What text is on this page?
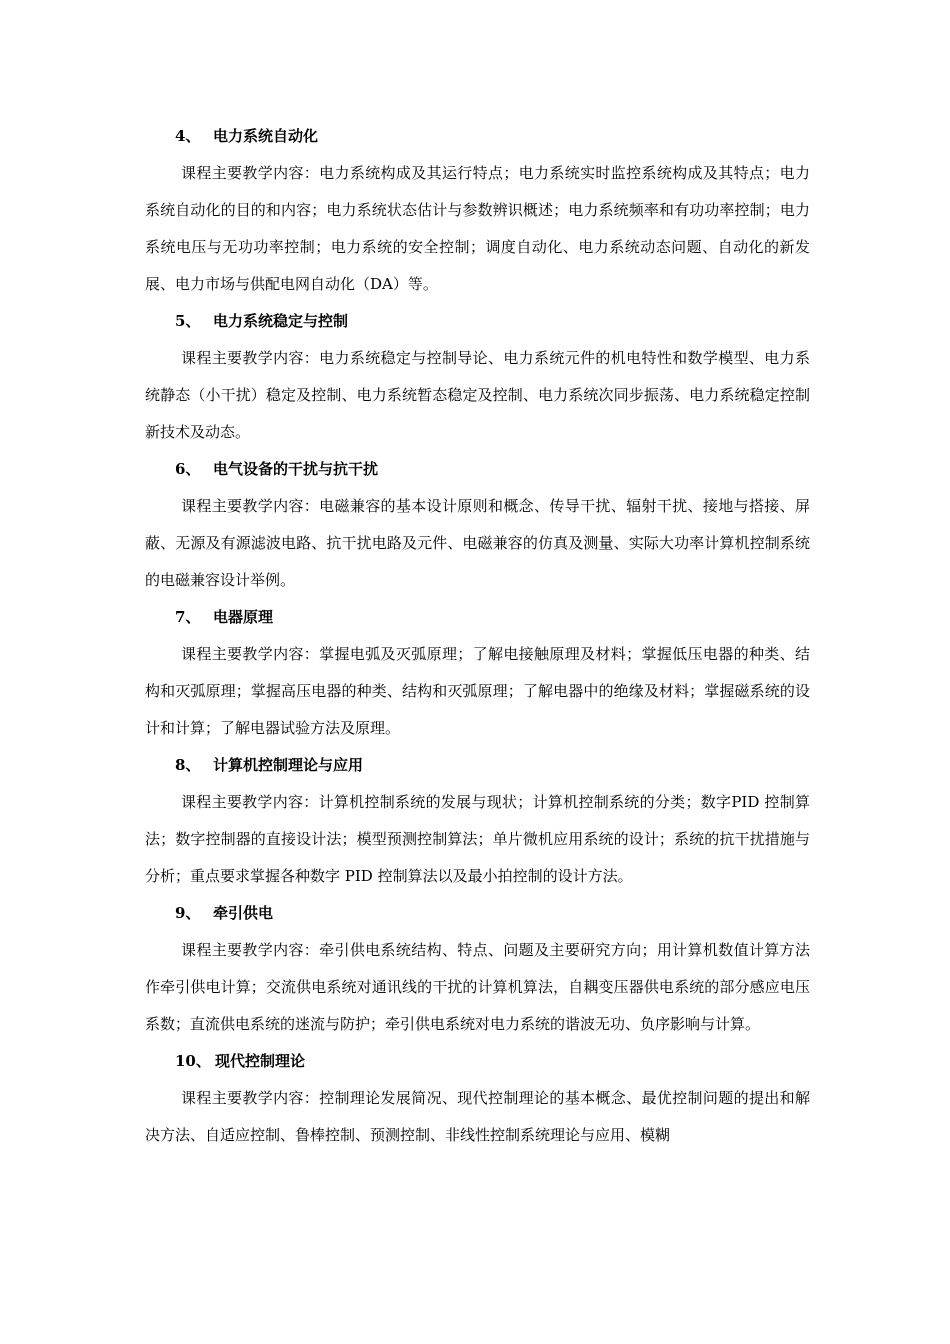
4、 电力系统自动化
课程主要教学内容：电力系统构成及其运行特点；电力系统实时监控系统构成及其特点；电力系统自动化的目的和内容；电力系统状态估计与参数辨识概述；电力系统频率和有功功率控制；电力系统电压与无功功率控制；电力系统的安全控制；调度自动化、电力系统动态问题、自动化的新发展、电力市场与供配电网自动化（DA）等。
5、 电力系统稳定与控制
课程主要教学内容：电力系统稳定与控制导论、电力系统元件的机电特性和数学模型、电力系统静态（小干扰）稳定及控制、电力系统暂态稳定及控制、电力系统次同步振荡、电力系统稳定控制新技术及动态。
6、 电气设备的干扰与抗干扰
课程主要教学内容：电磁兼容的基本设计原则和概念、传导干扰、辐射干扰、接地与搭接、屏蔽、无源及有源滤波电路、抗干扰电路及元件、电磁兼容的仿真及测量、实际大功率计算机控制系统的电磁兼容设计举例。
7、 电器原理
课程主要教学内容：掌握电弧及灭弧原理；了解电接触原理及材料；掌握低压电器的种类、结构和灭弧原理；掌握高压电器的种类、结构和灭弧原理；了解电器中的绝缘及材料；掌握磁系统的设计和计算；了解电器试验方法及原理。
8、 计算机控制理论与应用
课程主要教学内容：计算机控制系统的发展与现状；计算机控制系统的分类；数字PID 控制算法；数字控制器的直接设计法；模型预测控制算法；单片微机应用系统的设计；系统的抗干扰措施与分析；重点要求掌握各种数字 PID 控制算法以及最小拍控制的设计方法。
9、 牵引供电
课程主要教学内容：牵引供电系统结构、特点、问题及主要研究方向；用计算机数值计算方法作牵引供电计算；交流供电系统对通讯线的干扰的计算机算法，自耦变压器供电系统的部分感应电压系数；直流供电系统的迷流与防护；牵引供电系统对电力系统的谐波无功、负序影响与计算。
10、 现代控制理论
课程主要教学内容：控制理论发展简况、现代控制理论的基本概念、最优控制问题的提出和解决方法、自适应控制、鲁棒控制、预测控制、非线性控制系统理论与应用、模糊
